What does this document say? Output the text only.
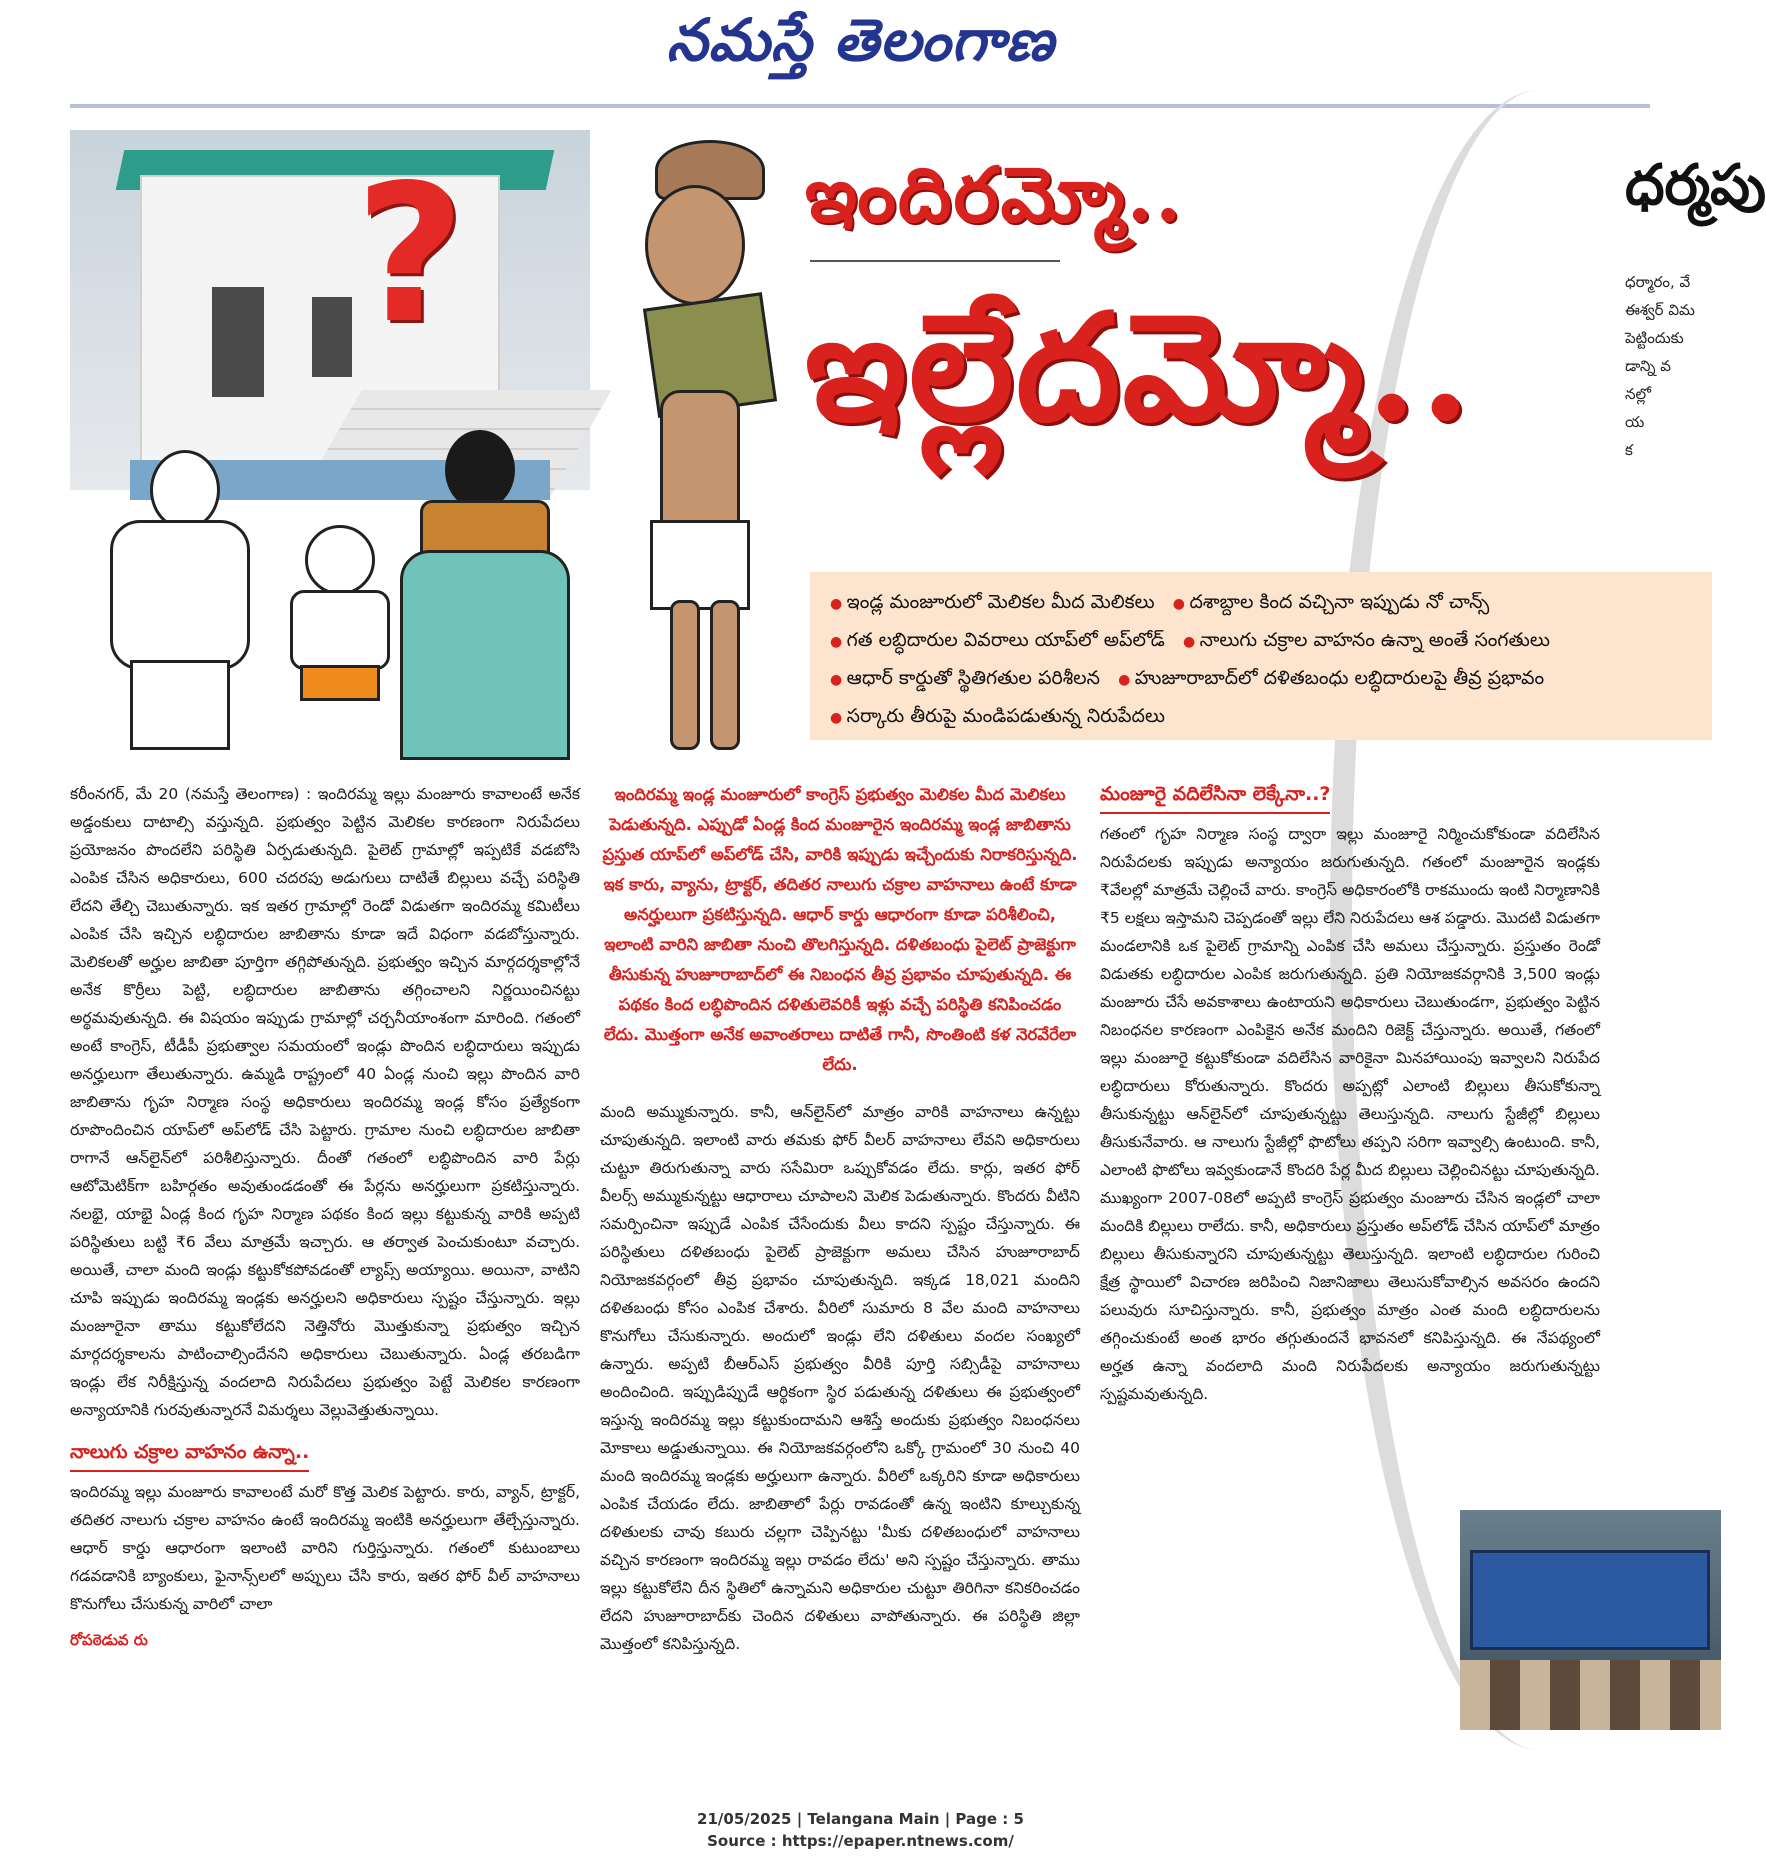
నమస్తే తెలంగాణ
?	ఇందిరమ్మో..
ఇల్లేదమ్మో..

● ఇండ్ల మంజూరులో మెలికల మీద మెలికలు ● దశాబ్దాల కింద వచ్చినా ఇప్పుడు నో చాన్స్

● గత లబ్ధిదారుల వివరాలు యాప్‌లో అప్‌లోడ్ ● నాలుగు చక్రాల వాహనం ఉన్నా అంతే సంగతులు

● ఆధార్ కార్డుతో స్థితిగతుల పరిశీలన ● హుజూరాబాద్‌లో దళితబంధు లబ్ధిదారులపై తీవ్ర ప్రభావం

● సర్కారు తీరుపై మండిపడుతున్న నిరుపేదలు

ధర్మపు
ధర్మారం, వే
ఈశ్వర్ విమ
పెట్టిందుకు
డాన్ని వ
నల్లో
య
క

కరీంనగర్, మే 20 (నమస్తే తెలంగాణ) : ఇందిరమ్మ ఇల్లు మంజూరు కావాలంటే అనేక అడ్డంకులు దాటాల్సి వస్తున్నది. ప్రభుత్వం పెట్టిన మెలికల కారణంగా నిరుపేదలు ప్రయోజనం పొందలేని పరిస్థితి ఏర్పడుతున్నది. పైలెట్ గ్రామాల్లో ఇప్పటికే వడబోసి ఎంపిక చేసిన అధికారులు, 600 చదరపు అడుగులు దాటితే బిల్లులు వచ్చే పరిస్థితి లేదని తేల్చి చెబుతున్నారు. ఇక ఇతర గ్రామాల్లో రెండో విడుతగా ఇందిరమ్మ కమిటీలు ఎంపిక చేసి ఇచ్చిన లబ్ధిదారుల జాబితాను కూడా ఇదే విధంగా వడబోస్తున్నారు. మెలికలతో అర్హుల జాబితా పూర్తిగా తగ్గిపోతున్నది. ప్రభుత్వం ఇచ్చిన మార్గదర్శకాల్లోనే అనేక కొర్రీలు పెట్టి, లబ్ధిదారుల జాబితాను తగ్గించాలని నిర్ణయించినట్టు అర్థమవుతున్నది. ఈ విషయం ఇప్పుడు గ్రామాల్లో చర్చనీయాంశంగా మారింది. గతంలో అంటే కాంగ్రెస్, టీడీపీ ప్రభుత్వాల సమయంలో ఇండ్లు పొందిన లబ్ధిదారులు ఇప్పుడు అనర్హులుగా తేలుతున్నారు. ఉమ్మడి రాష్ట్రంలో 40 ఏండ్ల నుంచి ఇల్లు పొందిన వారి జాబితాను గృహ నిర్మాణ సంస్థ అధికారులు ఇందిరమ్మ ఇండ్ల కోసం ప్రత్యేకంగా రూపొందించిన యాప్‌లో అప్‌లోడ్ చేసి పెట్టారు. గ్రామాల నుంచి లబ్ధిదారుల జాబితా రాగానే ఆన్‌లైన్‌లో పరిశీలిస్తున్నారు. దీంతో గతంలో లబ్ధిపొందిన వారి పేర్లు ఆటోమెటిక్‌గా బహిర్గతం అవుతుండడంతో ఈ పేర్లను అనర్హులుగా ప్రకటిస్తున్నారు. నలభై, యాభై ఏండ్ల కింద గృహ నిర్మాణ పథకం కింద ఇల్లు కట్టుకున్న వారికి అప్పటి పరిస్థితులు బట్టి ₹6 వేలు మాత్రమే ఇచ్చారు. ఆ తర్వాత పెంచుకుంటూ వచ్చారు. అయితే, చాలా మంది ఇండ్లు కట్టుకోకపోవడంతో ల్యాప్స్ అయ్యాయి. అయినా, వాటిని చూపి ఇప్పుడు ఇందిరమ్మ ఇండ్లకు అనర్హులని అధికారులు స్పష్టం చేస్తున్నారు. ఇల్లు మంజూరైనా తాము కట్టుకోలేదని నెత్తినోరు మొత్తుకున్నా ప్రభుత్వం ఇచ్చిన మార్గదర్శకాలను పాటించాల్సిందేనని అధికారులు చెబుతున్నారు. ఏండ్ల తరబడిగా ఇండ్లు లేక నిరీక్షిస్తున్న వందలాది నిరుపేదలు ప్రభుత్వం పెట్టే మెలికల కారణంగా అన్యాయానికి గురవుతున్నారనే విమర్శలు వెల్లువెత్తుతున్నాయి.

నాలుగు చక్రాల వాహనం ఉన్నా..

ఇందిరమ్మ ఇల్లు మంజూరు కావాలంటే మరో కొత్త మెలిక పెట్టారు. కారు, వ్యాన్, ట్రాక్టర్, తదితర నాలుగు చక్రాల వాహనం ఉంటే ఇందిరమ్మ ఇంటికి అనర్హులుగా తేల్చేస్తున్నారు. ఆధార్ కార్డు ఆధారంగా ఇలాంటి వారిని గుర్తిస్తున్నారు. గతంలో కుటుంబాలు గడవడానికి బ్యాంకులు, ఫైనాన్స్‌లలో అప్పులు చేసి కారు, ఇతర ఫోర్ వీల్ వాహనాలు కొనుగోలు చేసుకున్న వారిలో చాలా

రోపఠెడువ రు

ఇందిరమ్మ ఇండ్ల మంజూరులో కాంగ్రెస్ ప్రభుత్వం మెలికల మీద మెలికలు పెడుతున్నది. ఎప్పుడో ఏండ్ల కింద మంజూరైన ఇందిరమ్మ ఇండ్ల జాబితాను ప్రస్తుత యాప్‌లో అప్‌లోడ్ చేసి, వారికి ఇప్పుడు ఇచ్చేందుకు నిరాకరిస్తున్నది. ఇక కారు, వ్యాను, ట్రాక్టర్, తదితర నాలుగు చక్రాల వాహనాలు ఉంటే కూడా అనర్హులుగా ప్రకటిస్తున్నది. ఆధార్ కార్డు ఆధారంగా కూడా పరిశీలించి, ఇలాంటి వారిని జాబితా నుంచి తొలగిస్తున్నది. దళితబంధు పైలెట్ ప్రాజెక్టుగా తీసుకున్న హుజూరాబాద్‌లో ఈ నిబంధన తీవ్ర ప్రభావం చూపుతున్నది. ఈ పథకం కింద లబ్ధిపొందిన దళితులెవరికీ ఇళ్లు వచ్చే పరిస్థితి కనిపించడం లేదు. మొత్తంగా అనేక అవాంతరాలు దాటితే గానీ, సొంతింటి కళ నెరవేరేలా లేదు.

మంది అమ్ముకున్నారు. కానీ, ఆన్‌లైన్‌లో మాత్రం వారికి వాహనాలు ఉన్నట్టు చూపుతున్నది. ఇలాంటి వారు తమకు ఫోర్ వీలర్ వాహనాలు లేవని అధికారులు చుట్టూ తిరుగుతున్నా వారు ససేమిరా ఒప్పుకోవడం లేదు. కార్లు, ఇతర ఫోర్ వీలర్స్ అమ్ముకున్నట్టు ఆధారాలు చూపాలని మెలిక పెడుతున్నారు. కొందరు వీటిని సమర్పించినా ఇప్పుడే ఎంపిక చేసేందుకు వీలు కాదని స్పష్టం చేస్తున్నారు. ఈ పరిస్థితులు దళితబంధు పైలెట్ ప్రాజెక్టుగా అమలు చేసిన హుజూరాబాద్ నియోజకవర్గంలో తీవ్ర ప్రభావం చూపుతున్నది. ఇక్కడ 18,021 మందిని దళితబంధు కోసం ఎంపిక చేశారు. వీరిలో సుమారు 8 వేల మంది వాహనాలు కొనుగోలు చేసుకున్నారు. అందులో ఇండ్లు లేని దళితులు వందల సంఖ్యలో ఉన్నారు. అప్పటి బీఆర్ఎస్ ప్రభుత్వం వీరికి పూర్తి సబ్సిడీపై వాహనాలు అందించింది. ఇప్పుడిప్పుడే ఆర్థికంగా స్థిర పడుతున్న దళితులు ఈ ప్రభుత్వంలో ఇస్తున్న ఇందిరమ్మ ఇల్లు కట్టుకుందామని ఆశిస్తే అందుకు ప్రభుత్వం నిబంధనలు మోకాలు అడ్డుతున్నాయి. ఈ నియోజకవర్గంలోని ఒక్కో గ్రామంలో 30 నుంచి 40 మంది ఇందిరమ్మ ఇండ్లకు అర్హులుగా ఉన్నారు. వీరిలో ఒక్కరిని కూడా అధికారులు ఎంపిక చేయడం లేదు. జాబితాలో పేర్లు రావడంతో ఉన్న ఇంటిని కూల్చుకున్న దళితులకు చావు కబురు చల్లగా చెప్పినట్టు 'మీకు దళితబంధులో వాహనాలు వచ్చిన కారణంగా ఇందిరమ్మ ఇల్లు రావడం లేదు' అని స్పష్టం చేస్తున్నారు. తాము ఇల్లు కట్టుకోలేని దీన స్థితిలో ఉన్నామని అధికారుల చుట్టూ తిరిగినా కనికరించడం లేదని హుజూరాబాద్‌కు చెందిన దళితులు వాపోతున్నారు. ఈ పరిస్థితి జిల్లా మొత్తంలో కనిపిస్తున్నది.

మంజూరై వదిలేసినా లెక్కేనా..?

గతంలో గృహ నిర్మాణ సంస్థ ద్వారా ఇల్లు మంజూరై నిర్మించుకోకుండా వదిలేసిన నిరుపేదలకు ఇప్పుడు అన్యాయం జరుగుతున్నది. గతంలో మంజూరైన ఇండ్లకు ₹వేలల్లో మాత్రమే చెల్లించే వారు. కాంగ్రెస్ అధికారంలోకి రాకముందు ఇంటి నిర్మాణానికి ₹5 లక్షలు ఇస్తామని చెప్పడంతో ఇల్లు లేని నిరుపేదలు ఆశ పడ్డారు. మొదటి విడుతగా మండలానికి ఒక పైలెట్ గ్రామాన్ని ఎంపిక చేసి అమలు చేస్తున్నారు. ప్రస్తుతం రెండో విడుతకు లబ్ధిదారుల ఎంపిక జరుగుతున్నది. ప్రతి నియోజకవర్గానికి 3,500 ఇండ్లు మంజూరు చేసే అవకాశాలు ఉంటాయని అధికారులు చెబుతుండగా, ప్రభుత్వం పెట్టిన నిబంధనల కారణంగా ఎంపికైన అనేక మందిని రిజెక్ట్ చేస్తున్నారు. అయితే, గతంలో ఇల్లు మంజూరై కట్టుకోకుండా వదిలేసిన వారికైనా మినహాయింపు ఇవ్వాలని నిరుపేద లబ్ధిదారులు కోరుతున్నారు. కొందరు అప్పట్లో ఎలాంటి బిల్లులు తీసుకోకున్నా తీసుకున్నట్టు ఆన్‌లైన్‌లో చూపుతున్నట్టు తెలుస్తున్నది. నాలుగు స్టేజీల్లో బిల్లులు తీసుకునేవారు. ఆ నాలుగు స్టేజీల్లో ఫొటోలు తప్పని సరిగా ఇవ్వాల్సి ఉంటుంది. కానీ, ఎలాంటి ఫొటోలు ఇవ్వకుండానే కొందరి పేర్ల మీద బిల్లులు చెల్లించినట్టు చూపుతున్నది. ముఖ్యంగా 2007-08లో అప్పటి కాంగ్రెస్ ప్రభుత్వం మంజూరు చేసిన ఇండ్లలో చాలా మందికి బిల్లులు రాలేదు. కానీ, అధికారులు ప్రస్తుతం అప్‌లోడ్ చేసిన యాప్‌లో మాత్రం బిల్లులు తీసుకున్నారని చూపుతున్నట్టు తెలుస్తున్నది. ఇలాంటి లబ్ధిదారుల గురించి క్షేత్ర స్థాయిలో విచారణ జరిపించి నిజానిజాలు తెలుసుకోవాల్సిన అవసరం ఉందని పలువురు సూచిస్తున్నారు. కానీ, ప్రభుత్వం మాత్రం ఎంత మంది లబ్ధిదారులను తగ్గించుకుంటే అంత భారం తగ్గుతుందనే భావనలో కనిపిస్తున్నది. ఈ నేపథ్యంలో అర్హత ఉన్నా వందలాది మంది నిరుపేదలకు అన్యాయం జరుగుతున్నట్టు స్పష్టమవుతున్నది.

21/05/2025 | Telangana Main | Page : 5
Source : https://epaper.ntnews.com/
